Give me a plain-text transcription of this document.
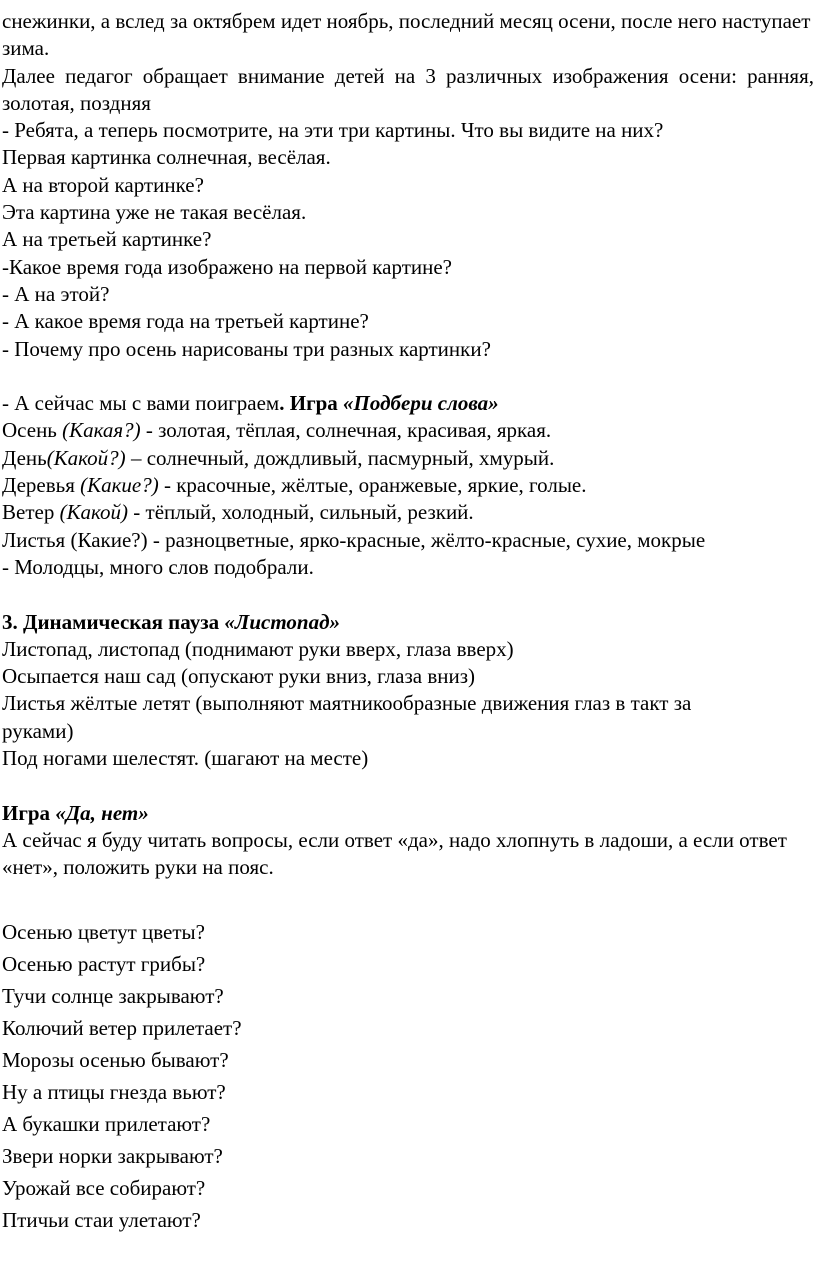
снежинки, а вслед за октябрем идет ноябрь, последний месяц осени, после него наступает зима.
Далее педагог обращает внимание детей на 3 различных изображения осени: ранняя, золотая, поздняя
- Ребята, а теперь посмотрите, на эти три картины. Что вы видите на них?
Первая картинка солнечная, весёлая.
А на второй картинке?
Эта картина уже не такая весёлая.
А на третьей картинке?
-Какое время года изображено на первой картине?
- А на этой?
- А какое время года на третьей картине?
- Почему про осень нарисованы три разных картинки?
- А сейчас мы с вами поиграем. Игра «Подбери слова»
Осень (Какая?) - золотая, тёплая, солнечная, красивая, яркая.
День(Какой?) – солнечный, дождливый, пасмурный, хмурый.
Деревья (Какие?) - красочные, жёлтые, оранжевые, яркие, голые.
Ветер (Какой) - тёплый, холодный, сильный, резкий.
Листья (Какие?) - разноцветные, ярко-красные, жёлто-красные, сухие, мокрые
- Молодцы, много слов подобрали.
3. Динамическая пауза «Листопад»
Листопад, листопад (поднимают руки вверх, глаза вверх)
Осыпается наш сад (опускают руки вниз, глаза вниз)
Листья жёлтые летят (выполняют маятникообразные движения глаз в такт за руками)
Под ногами шелестят. (шагают на месте)
Игра «Да, нет»
А сейчас я буду читать вопросы, если ответ «да», надо хлопнуть в ладоши, а если ответ «нет», положить руки на пояс.
Осенью цветут цветы?
Осенью растут грибы?
Тучи солнце закрывают?
Колючий ветер прилетает?
Морозы осенью бывают?
Ну а птицы гнезда вьют?
А букашки прилетают?
Звери норки закрывают?
Урожай все собирают?
Птичьи стаи улетают?
